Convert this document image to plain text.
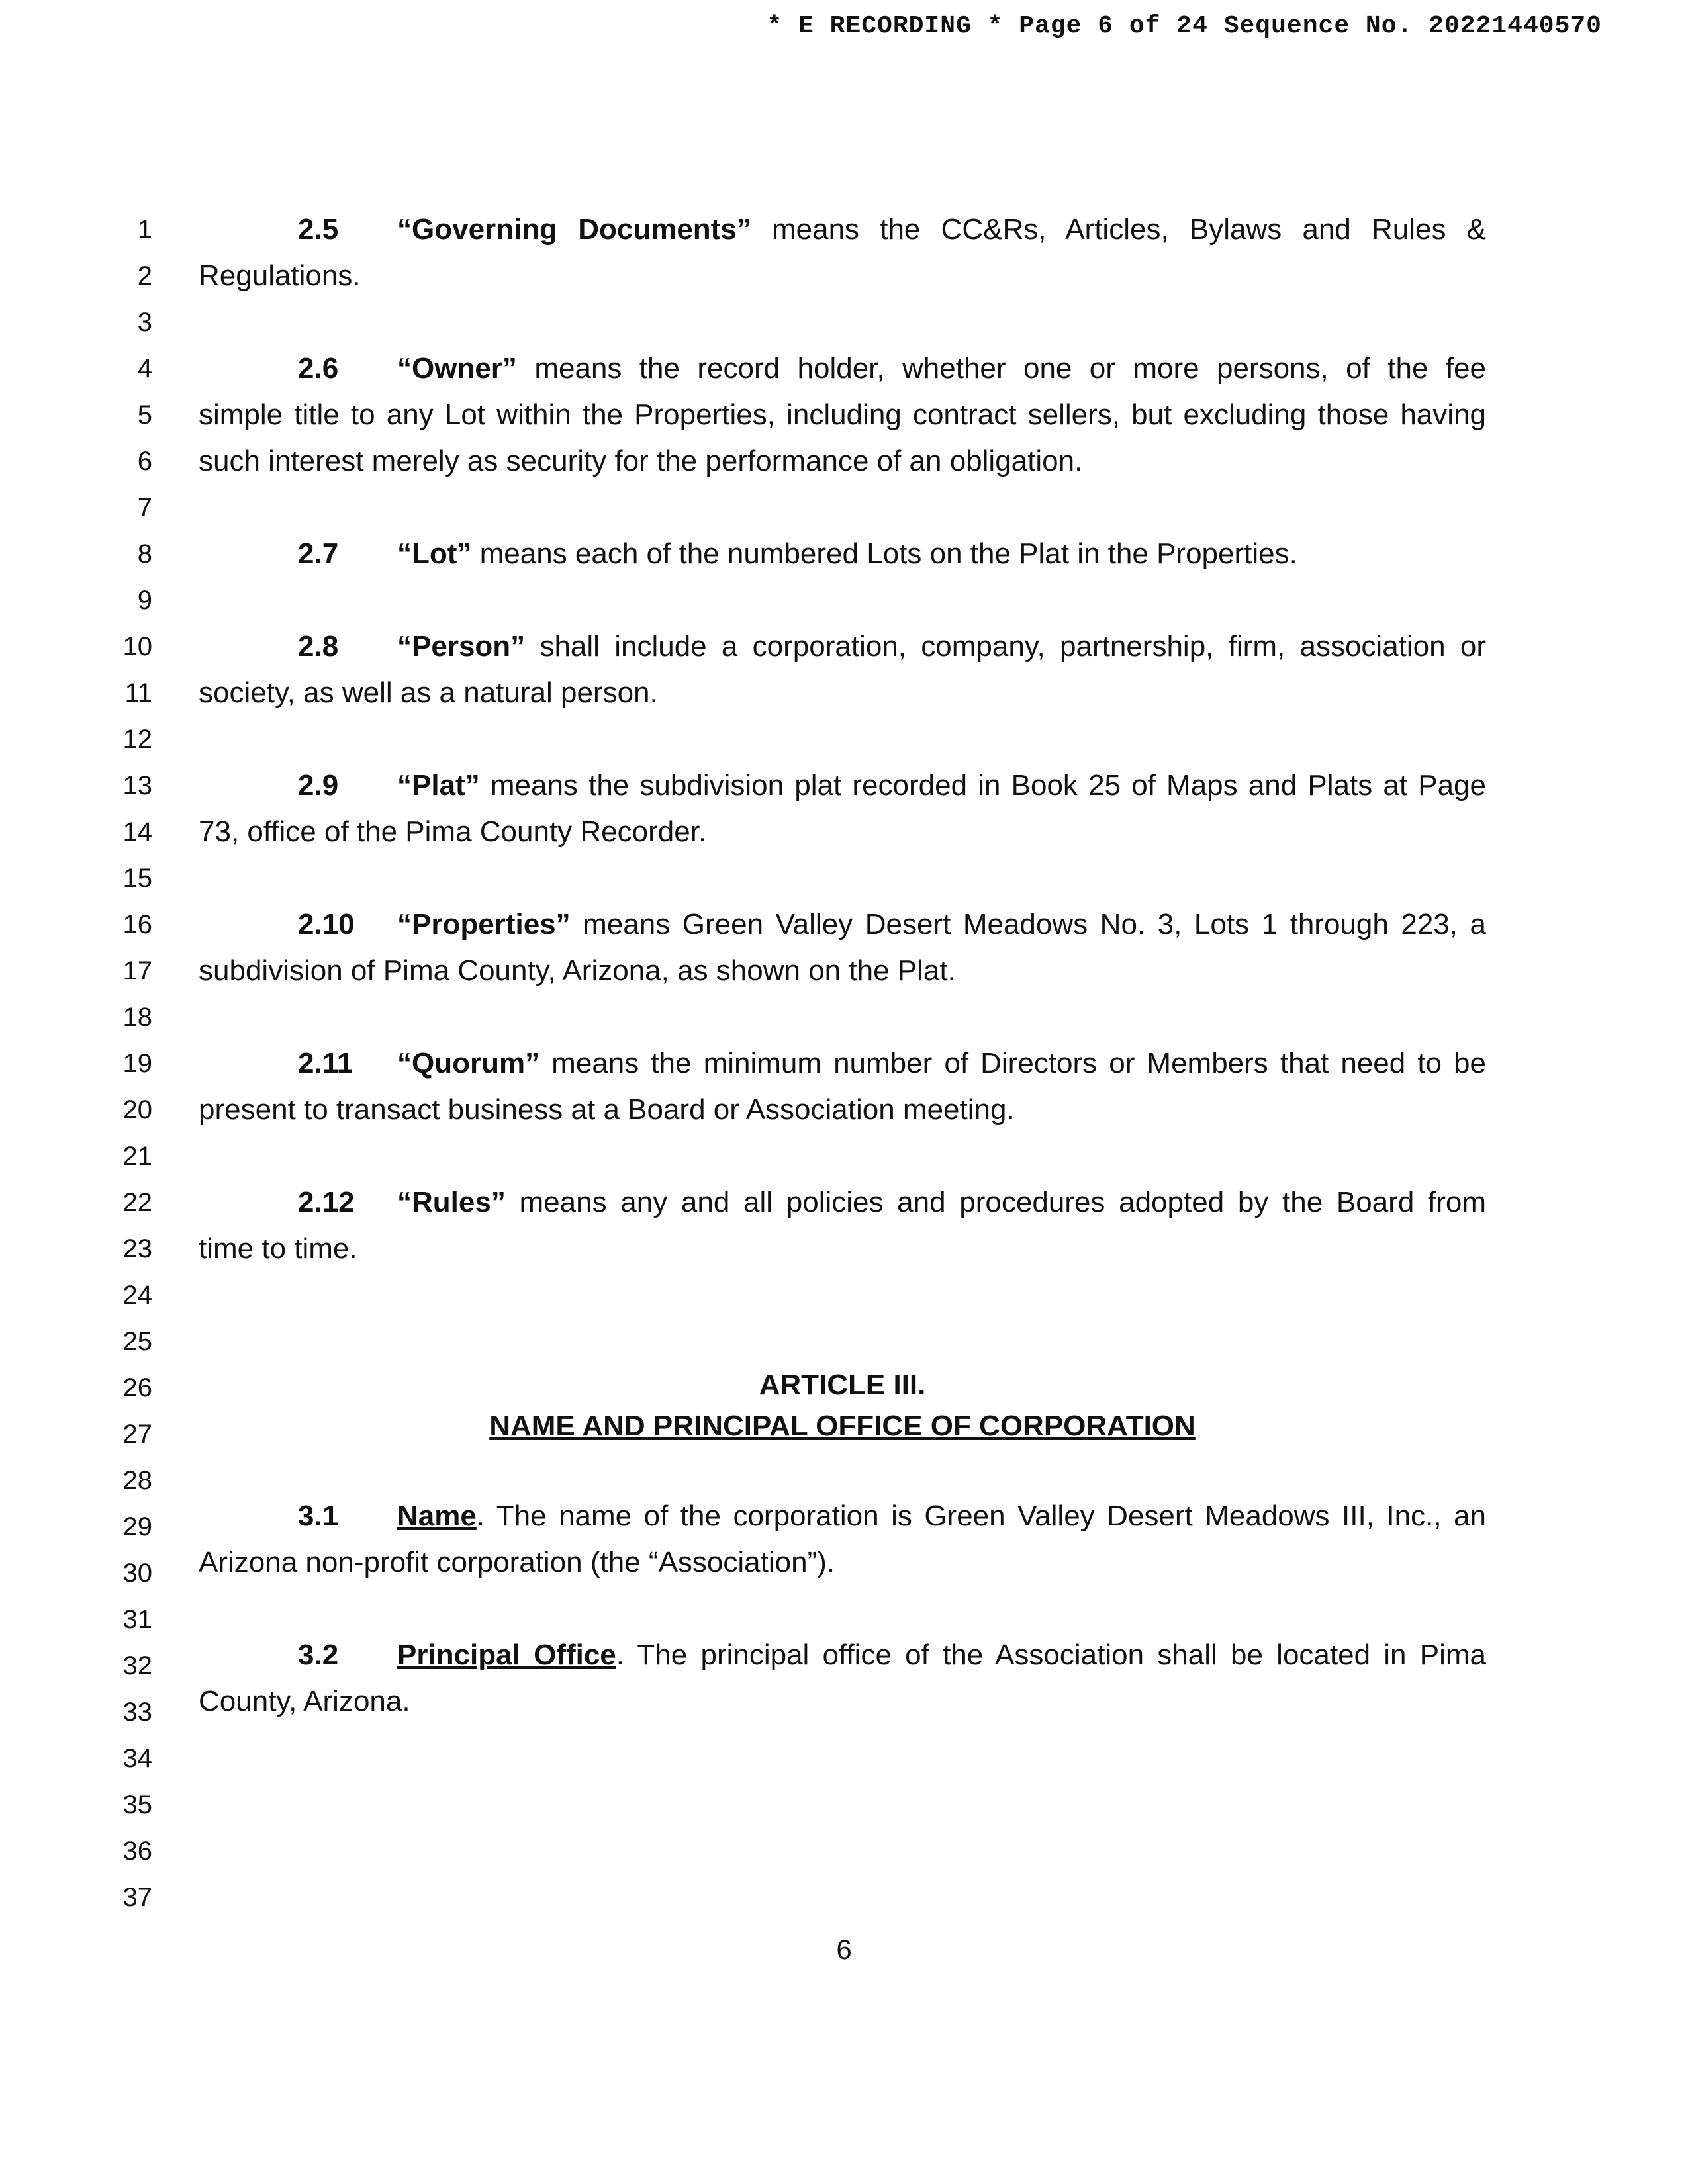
* E RECORDING * Page 6 of 24 Sequence No. 20221440570
1
2
3
4
5
6
7
8
9
10
11
12
13
14
15
16
17
18
19
20
21
22
23
24
25
26
27
28
29
30
31
32
33
34
35
36
37
2.5 “Governing Documents” means the CC&Rs, Articles, Bylaws and Rules &
Regulations.
2.6 “Owner” means the record holder, whether one or more persons, of the fee
simple title to any Lot within the Properties, including contract sellers, but excluding those having
such interest merely as security for the performance of an obligation.
2.7 “Lot” means each of the numbered Lots on the Plat in the Properties.
2.8 “Person” shall include a corporation, company, partnership, firm, association or
society, as well as a natural person.
2.9 “Plat” means the subdivision plat recorded in Book 25 of Maps and Plats at Page
73, office of the Pima County Recorder.
2.10 “Properties” means Green Valley Desert Meadows No. 3, Lots 1 through 223, a
subdivision of Pima County, Arizona, as shown on the Plat.
2.11 “Quorum” means the minimum number of Directors or Members that need to be
present to transact business at a Board or Association meeting.
2.12 “Rules” means any and all policies and procedures adopted by the Board from
time to time.
ARTICLE III.
NAME AND PRINCIPAL OFFICE OF CORPORATION
3.1 Name. The name of the corporation is Green Valley Desert Meadows III, Inc., an
Arizona non-profit corporation (the “Association”).
3.2 Principal Office. The principal office of the Association shall be located in Pima
County, Arizona.
6
